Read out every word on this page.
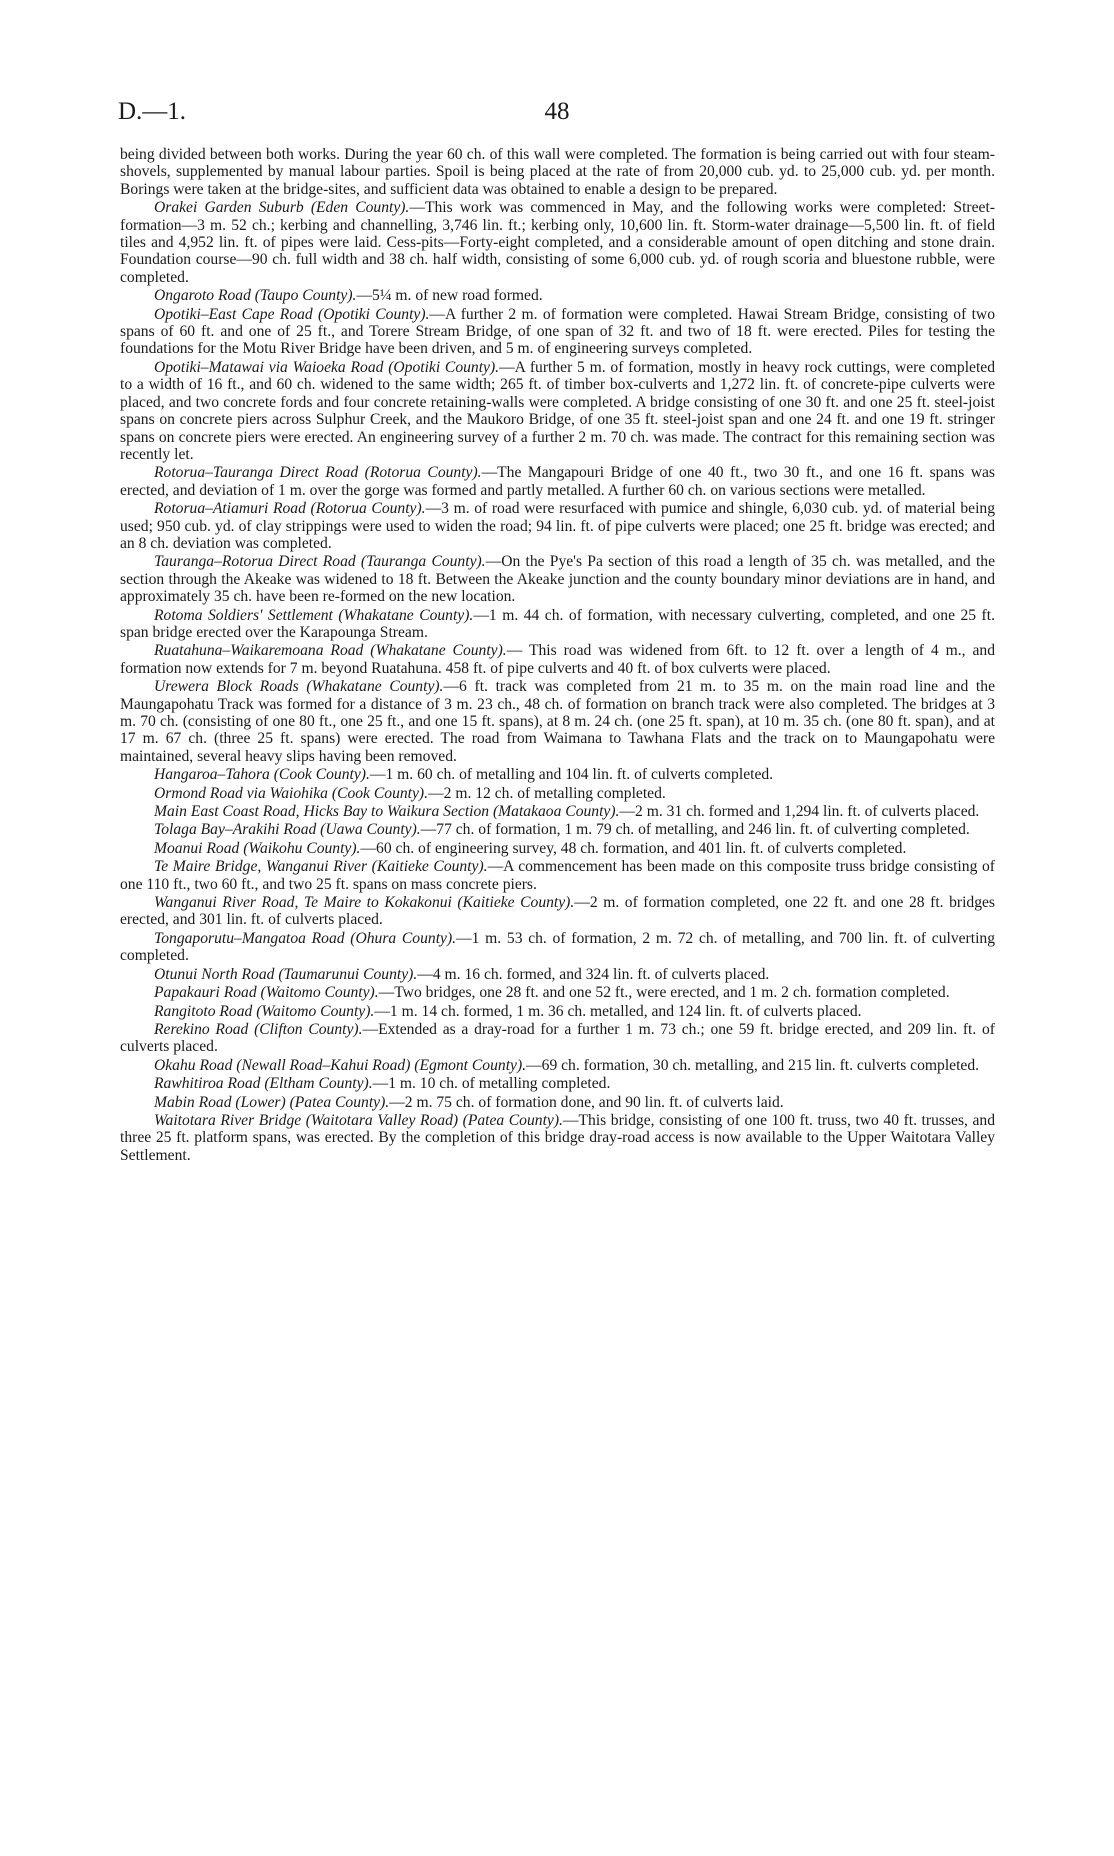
D.—1.	48

being divided between both works. During the year 60 ch. of this wall were completed. The formation is being carried out with four steam-shovels, supplemented by manual labour parties. Spoil is being placed at the rate of from 20,000 cub. yd. to 25,000 cub. yd. per month. Borings were taken at the bridge-sites, and sufficient data was obtained to enable a design to be prepared.

Orakei Garden Suburb (Eden County).—This work was commenced in May, and the following works were completed: Street-formation—3 m. 52 ch.; kerbing and channelling, 3,746 lin. ft.; kerbing only, 10,600 lin. ft. Storm-water drainage—5,500 lin. ft. of field tiles and 4,952 lin. ft. of pipes were laid. Cess-pits—Forty-eight completed, and a considerable amount of open ditching and stone drain. Foundation course—90 ch. full width and 38 ch. half width, consisting of some 6,000 cub. yd. of rough scoria and bluestone rubble, were completed.

Ongaroto Road (Taupo County).—5¼ m. of new road formed.

Opotiki–East Cape Road (Opotiki County).—A further 2 m. of formation were completed. Hawai Stream Bridge, consisting of two spans of 60 ft. and one of 25 ft., and Torere Stream Bridge, of one span of 32 ft. and two of 18 ft. were erected. Piles for testing the foundations for the Motu River Bridge have been driven, and 5 m. of engineering surveys completed.

Opotiki–Matawai via Waioeka Road (Opotiki County).—A further 5 m. of formation, mostly in heavy rock cuttings, were completed to a width of 16 ft., and 60 ch. widened to the same width; 265 ft. of timber box-culverts and 1,272 lin. ft. of concrete-pipe culverts were placed, and two concrete fords and four concrete retaining-walls were completed. A bridge consisting of one 30 ft. and one 25 ft. steel-joist spans on concrete piers across Sulphur Creek, and the Maukoro Bridge, of one 35 ft. steel-joist span and one 24 ft. and one 19 ft. stringer spans on concrete piers were erected. An engineering survey of a further 2 m. 70 ch. was made. The contract for this remaining section was recently let.

Rotorua–Tauranga Direct Road (Rotorua County).—The Mangapouri Bridge of one 40 ft., two 30 ft., and one 16 ft. spans was erected, and deviation of 1 m. over the gorge was formed and partly metalled. A further 60 ch. on various sections were metalled.

Rotorua–Atiamuri Road (Rotorua County).—3 m. of road were resurfaced with pumice and shingle, 6,030 cub. yd. of material being used; 950 cub. yd. of clay strippings were used to widen the road; 94 lin. ft. of pipe culverts were placed; one 25 ft. bridge was erected; and an 8 ch. deviation was completed.

Tauranga–Rotorua Direct Road (Tauranga County).—On the Pye's Pa section of this road a length of 35 ch. was metalled, and the section through the Akeake was widened to 18 ft. Between the Akeake junction and the county boundary minor deviations are in hand, and approximately 35 ch. have been re-formed on the new location.

Rotoma Soldiers' Settlement (Whakatane County).—1 m. 44 ch. of formation, with necessary culverting, completed, and one 25 ft. span bridge erected over the Karapounga Stream.

Ruatahuna–Waikaremoana Road (Whakatane County).— This road was widened from 6ft. to 12 ft. over a length of 4 m., and formation now extends for 7 m. beyond Ruatahuna. 458 ft. of pipe culverts and 40 ft. of box culverts were placed.

Urewera Block Roads (Whakatane County).—6 ft. track was completed from 21 m. to 35 m. on the main road line and the Maungapohatu Track was formed for a distance of 3 m. 23 ch., 48 ch. of formation on branch track were also completed. The bridges at 3 m. 70 ch. (consisting of one 80 ft., one 25 ft., and one 15 ft. spans), at 8 m. 24 ch. (one 25 ft. span), at 10 m. 35 ch. (one 80 ft. span), and at 17 m. 67 ch. (three 25 ft. spans) were erected. The road from Waimana to Tawhana Flats and the track on to Maungapohatu were maintained, several heavy slips having been removed.

Hangaroa–Tahora (Cook County).—1 m. 60 ch. of metalling and 104 lin. ft. of culverts completed.

Ormond Road via Waiohika (Cook County).—2 m. 12 ch. of metalling completed.

Main East Coast Road, Hicks Bay to Waikura Section (Matakaoa County).—2 m. 31 ch. formed and 1,294 lin. ft. of culverts placed.

Tolaga Bay–Arakihi Road (Uawa County).—77 ch. of formation, 1 m. 79 ch. of metalling, and 246 lin. ft. of culverting completed.

Moanui Road (Waikohu County).—60 ch. of engineering survey, 48 ch. formation, and 401 lin. ft. of culverts completed.

Te Maire Bridge, Wanganui River (Kaitieke County).—A commencement has been made on this composite truss bridge consisting of one 110 ft., two 60 ft., and two 25 ft. spans on mass concrete piers.

Wanganui River Road, Te Maire to Kokakonui (Kaitieke County).—2 m. of formation completed, one 22 ft. and one 28 ft. bridges erected, and 301 lin. ft. of culverts placed.

Tongaporutu–Mangatoa Road (Ohura County).—1 m. 53 ch. of formation, 2 m. 72 ch. of metalling, and 700 lin. ft. of culverting completed.

Otunui North Road (Taumarunui County).—4 m. 16 ch. formed, and 324 lin. ft. of culverts placed.

Papakauri Road (Waitomo County).—Two bridges, one 28 ft. and one 52 ft., were erected, and 1 m. 2 ch. formation completed.

Rangitoto Road (Waitomo County).—1 m. 14 ch. formed, 1 m. 36 ch. metalled, and 124 lin. ft. of culverts placed.

Rerekino Road (Clifton County).—Extended as a dray-road for a further 1 m. 73 ch.; one 59 ft. bridge erected, and 209 lin. ft. of culverts placed.

Okahu Road (Newall Road–Kahui Road) (Egmont County).—69 ch. formation, 30 ch. metalling, and 215 lin. ft. culverts completed.

Rawhitiroa Road (Eltham County).—1 m. 10 ch. of metalling completed.

Mabin Road (Lower) (Patea County).—2 m. 75 ch. of formation done, and 90 lin. ft. of culverts laid.

Waitotara River Bridge (Waitotara Valley Road) (Patea County).—This bridge, consisting of one 100 ft. truss, two 40 ft. trusses, and three 25 ft. platform spans, was erected. By the completion of this bridge dray-road access is now available to the Upper Waitotara Valley Settlement.
